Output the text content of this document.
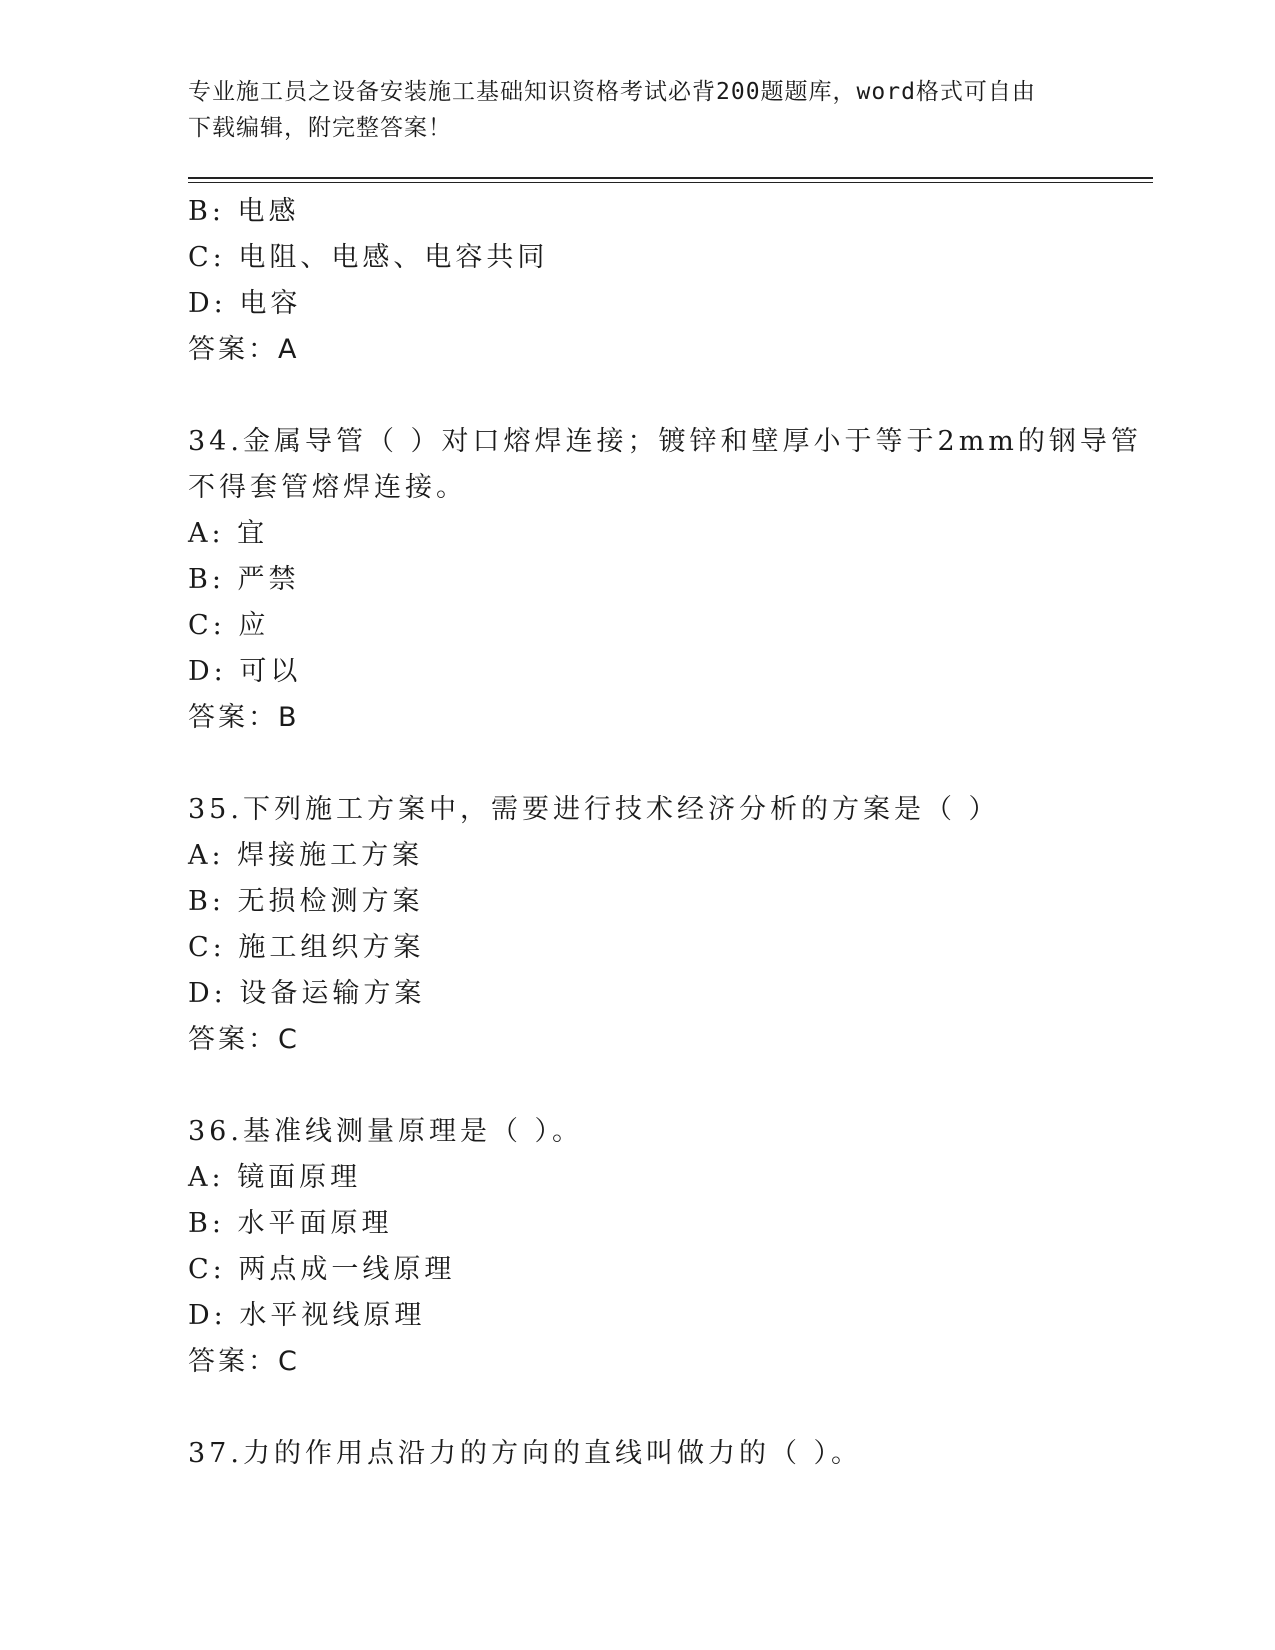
专业施工员之设备安装施工基础知识资格考试必背200题题库，word格式可自由
下载编辑，附完整答案！
B: 电感
C: 电阻、电感、电容共同
D: 电容
答案：A
34.金属导管（ ）对口熔焊连接；镀锌和壁厚小于等于2mm的钢导管
不得套管熔焊连接。
A: 宜
B: 严禁
C: 应
D: 可以
答案：B
35.下列施工方案中，需要进行技术经济分析的方案是（ ）
A: 焊接施工方案
B: 无损检测方案
C: 施工组织方案
D: 设备运输方案
答案：C
36.基准线测量原理是（ ）。
A: 镜面原理
B: 水平面原理
C: 两点成一线原理
D: 水平视线原理
答案：C
37.力的作用点沿力的方向的直线叫做力的（ ）。
